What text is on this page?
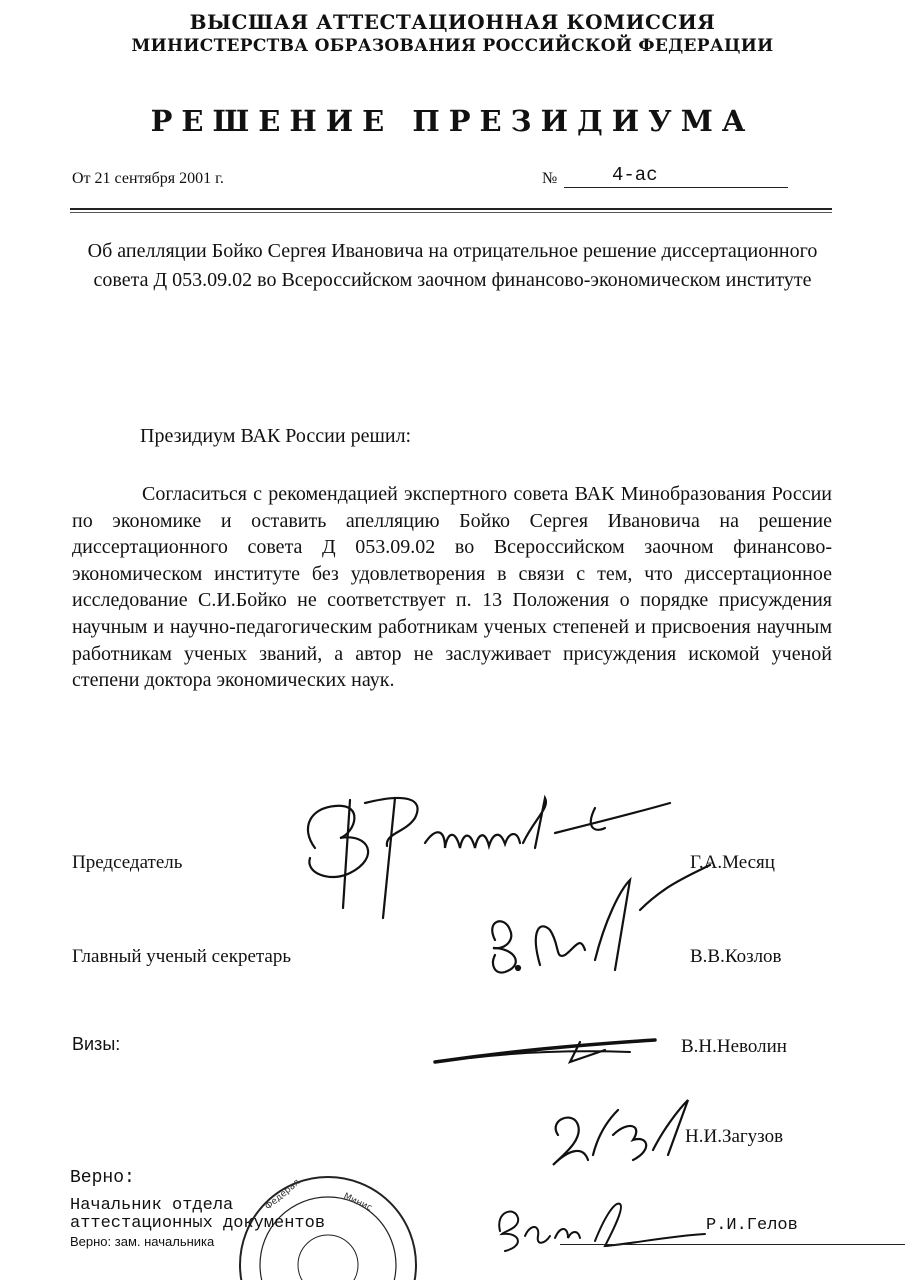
ВЫСШАЯ АТТЕСТАЦИОННАЯ КОМИССИЯ
МИНИСТЕРСТВА ОБРАЗОВАНИЯ РОССИЙСКОЙ ФЕДЕРАЦИИ
РЕШЕНИЕ ПРЕЗИДИУМА
От 21 сентября 2001 г.	№	4-ас
Об апелляции Бойко Сергея Ивановича на отрицательное решение диссертационного совета Д 053.09.02 во Всероссийском заочном финансово-экономическом институте
Президиум ВАК России решил:
Согласиться с рекомендацией экспертного совета ВАК Минобразования России по экономике и оставить апелляцию Бойко Сергея Ивановича на решение диссертационного совета Д 053.09.02 во Всероссийском заочном финансово-экономическом институте без удовлетворения в связи с тем, что диссертационное исследование С.И.Бойко не соответствует п. 13 Положения о порядке присуждения научным и научно-педагогическим работникам ученых степеней и присвоения научным работникам ученых званий, а автор не заслуживает присуждения искомой ученой степени доктора экономических наук.
Федерал	Минис
Председатель	Г.А.Месяц
Главный ученый секретарь	В.В.Козлов
Визы:	В.Н.Неволин
Н.И.Загузов
Верно:
Начальник отдела
аттестационных документов
Верно: зам. начальника
Р.И.Гелов
